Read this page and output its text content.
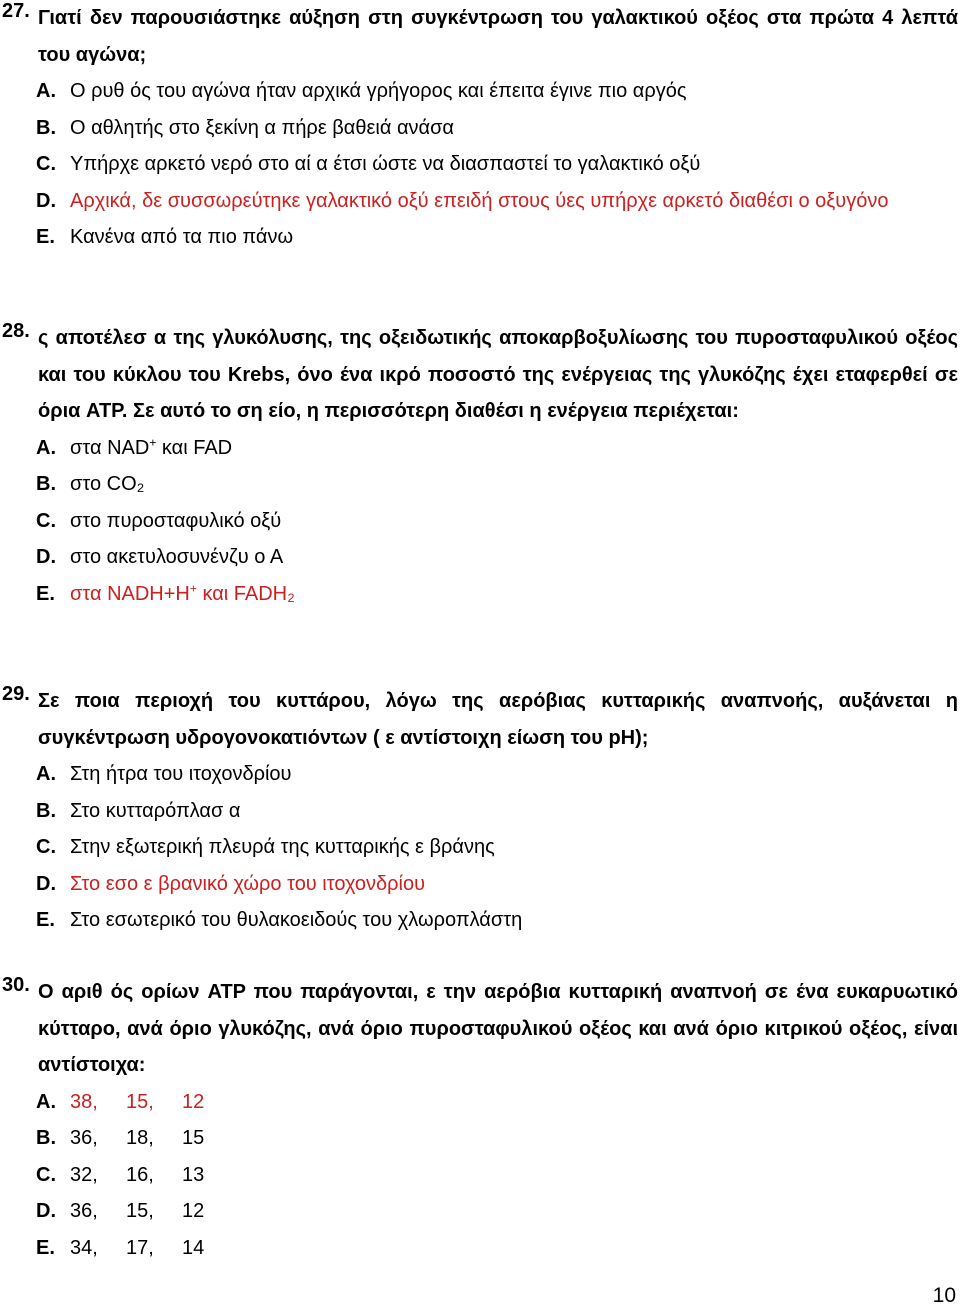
27. Γιατί δεν παρουσιάστηκε αύξηση στη συγκέντρωση του γαλακτικού οξέος στα πρώτα 4 λεπτά του αγώνα;
A. Ο ρυθ ός του αγώνα ήταν αρχικά γρήγορος και έπειτα έγινε πιο αργός
B. Ο αθλητής στο ξεκίνη α πήρε βαθειά ανάσα
C. Υπήρχε αρκετό νερό στο αί α έτσι ώστε να διασπαστεί το γαλακτικό οξύ
D. Αρχικά, δε συσσωρεύτηκε γαλακτικό οξύ επειδή στους ύες υπήρχε αρκετό διαθέσι ο οξυγόνο
E. Κανένα από τα πιο πάνω
28. ς αποτέλεσ α της γλυκόλυσης, της οξειδωτικής αποκαρβοξυλίωσης του πυροσταφυλικού οξέος και του κύκλου του Krebs, όνο ένα ικρό ποσοστό της ενέργειας της γλυκόζης έχει εταφερθεί σε όρια ATP. Σε αυτό το ση είο, η περισσότερη διαθέσι η ενέργεια περιέχεται:
A. στα NAD+ και FAD
B. στο CO₂
C. στο πυροσταφυλικό οξύ
D. στο ακετυλοσυνένζυ ο Α
E. στα NADH+H+ και FADH₂
29. Σε ποια περιοχή του κυττάρου, λόγω της αερόβιας κυτταρικής αναπνοής, αυξάνεται η συγκέντρωση υδρογονοκατιόντων ( ε αντίστοιχη είωση του pH);
A. Στη ήτρα του ιτοχονδρίου
B. Στο κυτταρόπλασ α
C. Στην εξωτερική πλευρά της κυτταρικής ε βράνης
D. Στο εσο ε βρανικό χώρο του ιτοχονδρίου
E. Στο εσωτερικό του θυλακοειδούς του χλωροπλάστη
30. Ο αριθ ός ορίων ATP που παράγονται, ε την αερόβια κυτταρική αναπνοή σε ένα ευκαρυωτικό κύτταρο, ανά όριο γλυκόζης, ανά όριο πυροσταφυλικού οξέος και ανά όριο κιτρικού οξέος, είναι αντίστοιχα:
A. 38, 15, 12
B. 36, 18, 15
C. 32, 16, 13
D. 36, 15, 12
E. 34, 17, 14
10
